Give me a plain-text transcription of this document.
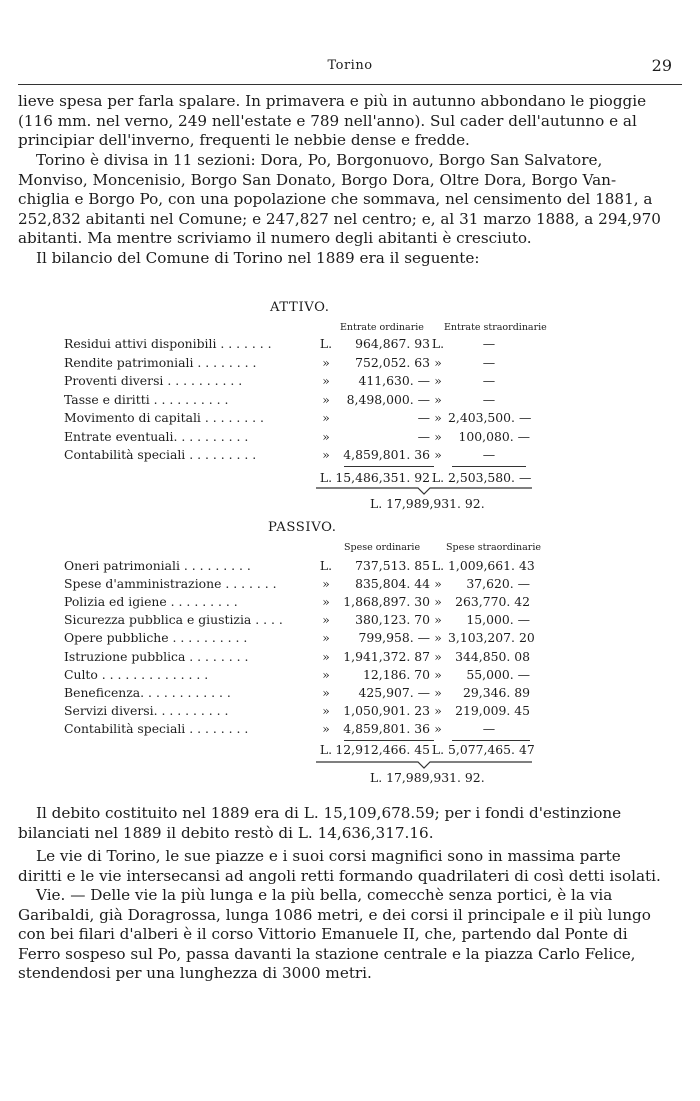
Torino	29

lieve spesa per farla spalare. In primavera e più in autunno abbondano le pioggie
(116 mm. nel verno, 249 nell'estate e 789 nell'anno). Sul cader dell'autunno e al
principiar dell'inverno, frequenti le nebbie dense e fredde.

Torino è divisa in 11 sezioni: Dora, Po, Borgonuovo, Borgo San Salvatore,
Monviso, Moncenisio, Borgo San Donato, Borgo Dora, Oltre Dora, Borgo Van-
chiglia e Borgo Po, con una popolazione che sommava, nel censimento del 1881, a
252,832 abitanti nel Comune; e 247,827 nel centro; e, al 31 marzo 1888, a 294,970
abitanti. Ma mentre scriviamo il numero degli abitanti è cresciuto.

Il bilancio del Comune di Torino nel 1889 era il seguente:

ATTIVO.
Entrate ordinarie Entrate straordinarie
Residui attivi disponibili . . . . . . .	L.	964,867. 93 L.	—
Rendite patrimoniali . . . . . . . .	»	752,052. 63 »	—
Proventi diversi . . . . . . . . . .	»	411,630. — »	—
Tasse e diritti . . . . . . . . . .	»	8,498,000. — »	—
Movimento di capitali . . . . . . . .	»	— » 2,403,500. —
Entrate eventuali. . . . . . . . . .	»	— »	100,080. —
Contabilità speciali . . . . . . . . .	»	4,859,801. 36 »	—
L. 15,486,351. 92 L. 2,503,580. —
L. 17,989,931. 92.
PASSIVO.
Spese ordinarie	Spese straordinarie
Oneri patrimoniali . . . . . . . . .	L.	737,513. 85 L. 1,009,661. 43
Spese d'amministrazione . . . . . . .	»	835,804. 44 »	37,620. —
Polizia ed igiene . . . . . . . . .	»	1,868,897. 30 »	263,770. 42
Sicurezza pubblica e giustizia . . . .	»	380,123. 70 »	15,000. —
Opere pubbliche . . . . . . . . . .	»	799,958. — » 3,103,207. 20
Istruzione pubblica . . . . . . . .	»	1,941,372. 87 »	344,850. 08
Culto . . . . . . . . . . . . . .	»	12,186. 70 »	55,000. —
Beneficenza. . . . . . . . . . . .	»	425,907. — »	29,346. 89
Servizi diversi. . . . . . . . . .	»	1,050,901. 23 »	219,009. 45
Contabilità speciali . . . . . . . .	»	4,859,801. 36 »	—
L. 12,912,466. 45 L. 5,077,465. 47
L. 17,989,931. 92.

Il debito costituito nel 1889 era di L. 15,109,678.59; per i fondi d'estinzione
bilanciati nel 1889 il debito restò di L. 14,636,317.16.

Le vie di Torino, le sue piazze e i suoi corsi magnifici sono in massima parte
diritti e le vie intersecansi ad angoli retti formando quadrilateri di così detti isolati.

Vie. — Delle vie la più lunga e la più bella, comecchè senza portici, è la via
Garibaldi, già Doragrossa, lunga 1086 metri, e dei corsi il principale e il più lungo
con bei filari d'alberi è il corso Vittorio Emanuele II, che, partendo dal Ponte di
Ferro sospeso sul Po, passa davanti la stazione centrale e la piazza Carlo Felice,
stendendosi per una lunghezza di 3000 metri.
